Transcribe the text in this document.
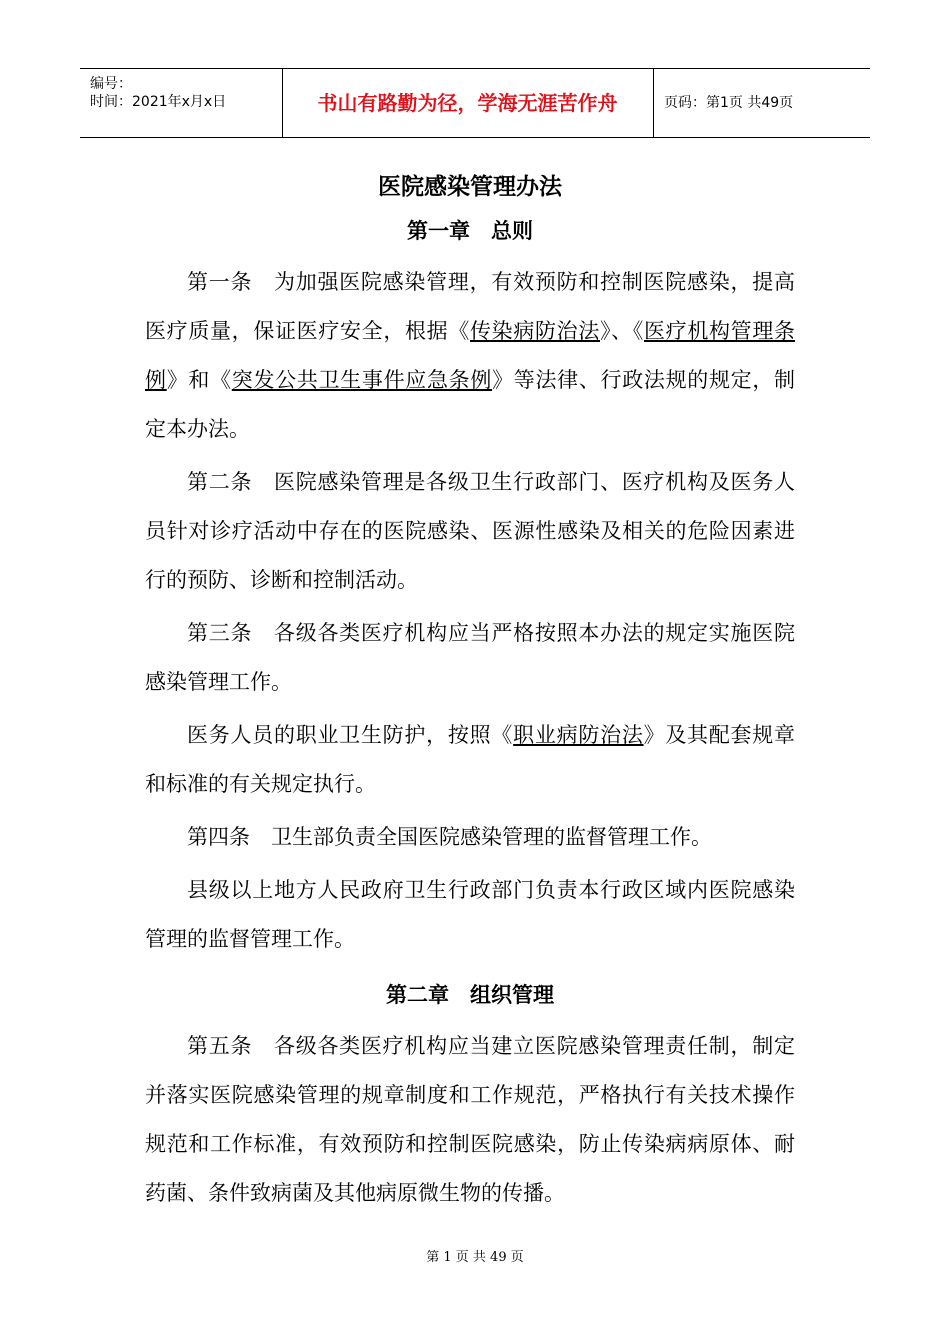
编号：
时间：2021年x月x日	书山有路勤为径，学海无涯苦作舟	页码：第1页 共49页
医院感染管理办法
第一章　总则

第一条　为加强医院感染管理，有效预防和控制医院感染，提高医疗质量，保证医疗安全，根据《传染病防治法》、《医疗机构管理条例》和《突发公共卫生事件应急条例》等法律、行政法规的规定，制定本办法。

第二条　医院感染管理是各级卫生行政部门、医疗机构及医务人员针对诊疗活动中存在的医院感染、医源性感染及相关的危险因素进行的预防、诊断和控制活动。

第三条　各级各类医疗机构应当严格按照本办法的规定实施医院感染管理工作。

医务人员的职业卫生防护，按照《职业病防治法》及其配套规章和标准的有关规定执行。

第四条　卫生部负责全国医院感染管理的监督管理工作。

县级以上地方人民政府卫生行政部门负责本行政区域内医院感染管理的监督管理工作。

第二章　组织管理

第五条　各级各类医疗机构应当建立医院感染管理责任制，制定并落实医院感染管理的规章制度和工作规范，严格执行有关技术操作规范和工作标准，有效预防和控制医院感染，防止传染病病原体、耐药菌、条件致病菌及其他病原微生物的传播。

第 1 页 共 49 页
